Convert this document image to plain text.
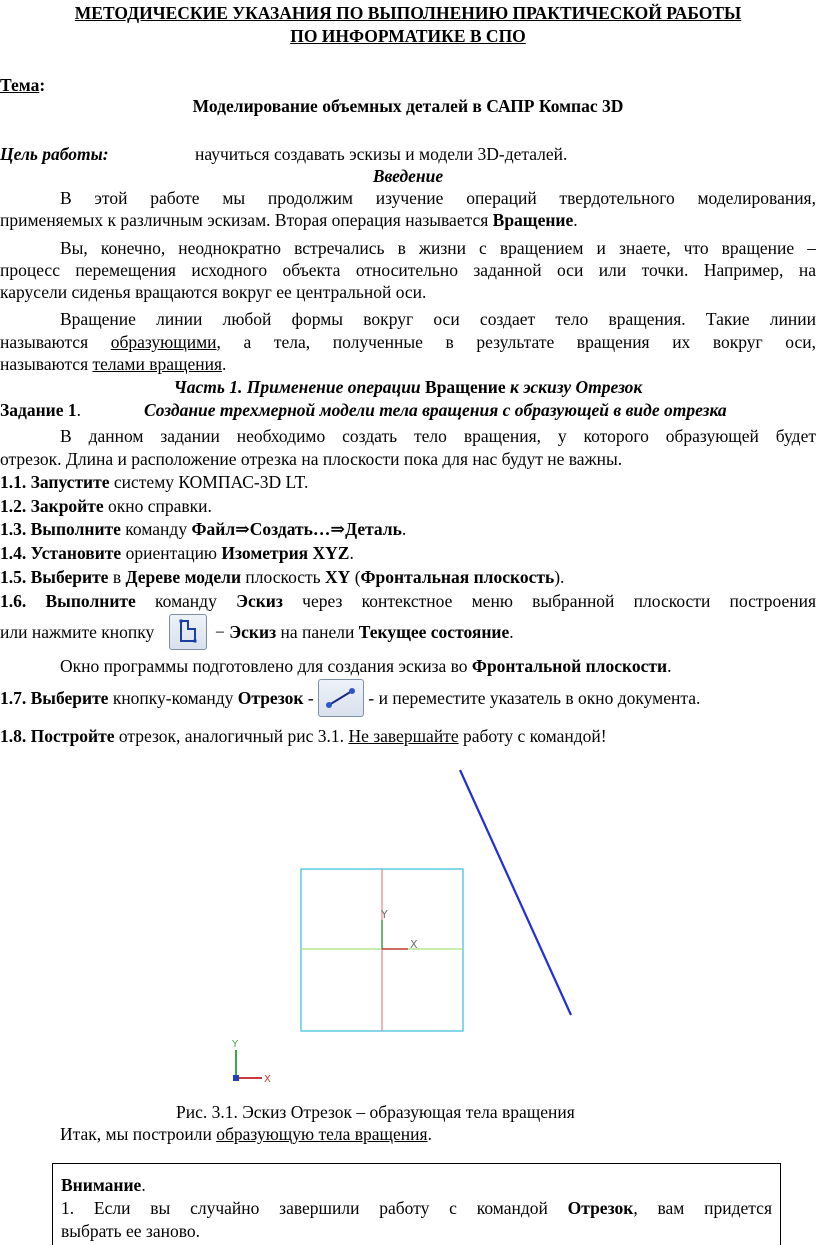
МЕТОДИЧЕСКИЕ УКАЗАНИЯ ПО ВЫПОЛНЕНИЮ ПРАКТИЧЕСКОЙ РАБОТЫ
ПО ИНФОРМАТИКЕ В СПО
Тема:
Моделирование объемных деталей в САПР Компас 3D
Цель работы:	научиться создавать эскизы и модели 3D-деталей.
Введение
В этой работе мы продолжим изучение операций твердотельного моделирования,
применяемых к различным эскизам. Вторая операция называется Вращение.
Вы, конечно, неоднократно встречались в жизни с вращением и знаете, что вращение –
процесс перемещения исходного объекта относительно заданной оси или точки. Например, на
карусели сиденья вращаются вокруг ее центральной оси.
Вращение линии любой формы вокруг оси создает тело вращения. Такие линии
называются образующими, а тела, полученные в результате вращения их вокруг оси,
называются телами вращения.
Часть 1. Применение операции Вращение к эскизу Отрезок
Задание 1.	Создание трехмерной модели тела вращения с образующей в виде отрезка
В данном задании необходимо создать тело вращения, у которого образующей будет
отрезок. Длина и расположение отрезка на плоскости пока для нас будут не важны.
1.1. Запустите систему КОМПАС-3D LT.
1.2. Закройте окно справки.
1.3. Выполните команду Файл⇒Создать…⇒Деталь.
1.4. Установите ориентацию Изометрия XYZ.
1.5. Выберите в Дереве модели плоскость XY (Фронтальная плоскость).
1.6. Выполните команду Эскиз через контекстное меню выбранной плоскости построения
или нажмите кнопку	− Эскиз на панели Текущее состояние.
Окно программы подготовлено для создания эскиза во Фронтальной плоскости.
1.7. Выберите кнопку-команду Отрезок -	- и переместите указатель в окно документа.
1.8. Постройте отрезок, аналогичный рис 3.1. Не завершайте работу с командой!
Y
X
Y
X
Рис. 3.1. Эскиз Отрезок – образующая тела вращения
Итак, мы построили образующую тела вращения.
Внимание.
1. Если вы случайно завершили работу с командой Отрезок, вам придется
выбрать ее заново.
